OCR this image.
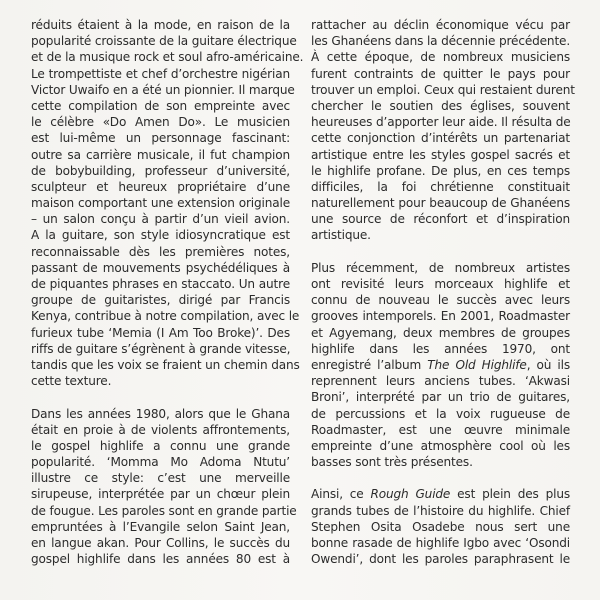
réduits étaient à la mode, en raison de la
popularité croissante de la guitare électrique
et de la musique rock et soul afro-américaine.
Le trompettiste et chef d’orchestre nigérian
Victor Uwaifo en a été un pionnier. Il marque
cette compilation de son empreinte avec
le célèbre «Do Amen Do». Le musicien
est lui-même un personnage fascinant:
outre sa carrière musicale, il fut champion
de bobybuilding, professeur d’université,
sculpteur et heureux propriétaire d’une
maison comportant une extension originale
– un salon conçu à partir d’un vieil avion.
A la guitare, son style idiosyncratique est
reconnaissable dès les premières notes,
passant de mouvements psychédéliques à
de piquantes phrases en staccato. Un autre
groupe de guitaristes, dirigé par Francis
Kenya, contribue à notre compilation, avec le
furieux tube ‘Memia (I Am Too Broke)’. Des
riffs de guitare s’égrènent à grande vitesse,
tandis que les voix se fraient un chemin dans
cette texture.
Dans les années 1980, alors que le Ghana
était en proie à de violents affrontements,
le gospel highlife a connu une grande
popularité. ‘Momma Mo Adoma Ntutu’
illustre ce style: c’est une merveille
sirupeuse, interprétée par un chœur plein
de fougue. Les paroles sont en grande partie
empruntées à l’Evangile selon Saint Jean,
en langue akan. Pour Collins, le succès du
gospel highlife dans les années 80 est à
rattacher au déclin économique vécu par
les Ghanéens dans la décennie précédente.
À cette époque, de nombreux musiciens
furent contraints de quitter le pays pour
trouver un emploi. Ceux qui restaient durent
chercher le soutien des églises, souvent
heureuses d’apporter leur aide. Il résulta de
cette conjonction d’intérêts un partenariat
artistique entre les styles gospel sacrés et
le highlife profane. De plus, en ces temps
difficiles, la foi chrétienne constituait
naturellement pour beaucoup de Ghanéens
une source de réconfort et d’inspiration
artistique.
Plus récemment, de nombreux artistes
ont revisité leurs morceaux highlife et
connu de nouveau le succès avec leurs
grooves intemporels. En 2001, Roadmaster
et Agyemang, deux membres de groupes
highlife dans les années 1970, ont
enregistré l’album The Old Highlife, où ils
reprennent leurs anciens tubes. ‘Akwasi
Broni’, interprété par un trio de guitares,
de percussions et la voix rugueuse de
Roadmaster, est une œuvre minimale
empreinte d’une atmosphère cool où les
basses sont très présentes.
Ainsi, ce Rough Guide est plein des plus
grands tubes de l’histoire du highlife. Chief
Stephen Osita Osadebe nous sert une
bonne rasade de highlife Igbo avec ‘Osondi
Owendi’, dont les paroles paraphrasent le
